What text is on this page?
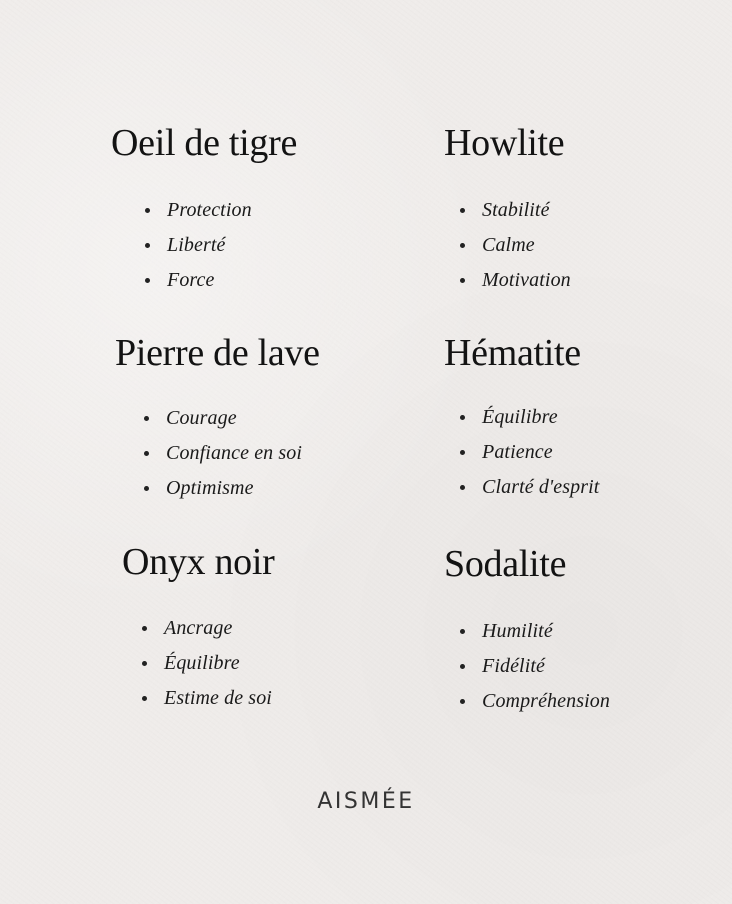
Oeil de tigre
Protection
Liberté
Force
Howlite
Stabilité
Calme
Motivation
Pierre de lave
Courage
Confiance en soi
Optimisme
Hématite
Équilibre
Patience
Clarté d'esprit
Onyx noir
Ancrage
Équilibre
Estime de soi
Sodalite
Humilité
Fidélité
Compréhension
AISMÉE
